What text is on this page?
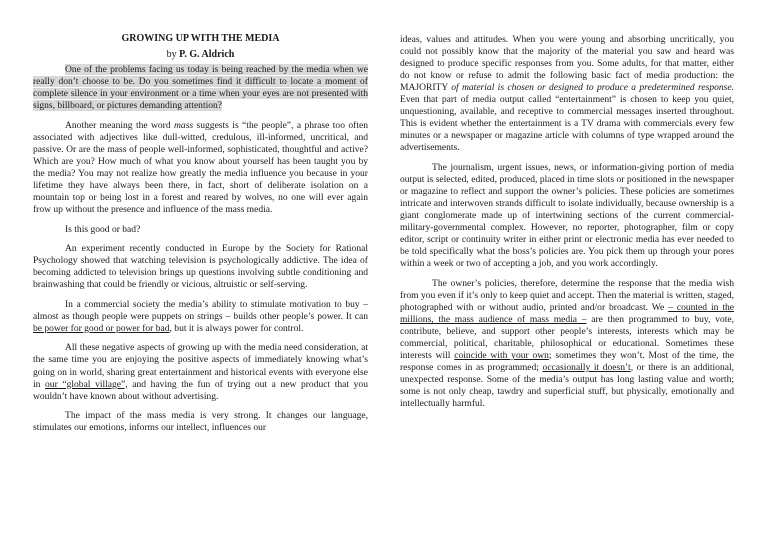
GROWING UP WITH THE MEDIA
by P. G. Aldrich

One of the problems facing us today is being reached by the media when we really don’t choose to be. Do you sometimes find it difficult to locate a moment of complete silence in your environment or a time when your eyes are not presented with signs, billboard, or pictures demanding attention?

Another meaning the word mass suggests is “the people”, a phrase too often associated with adjectives like dull-witted, credulous, ill-informed, uncritical, and passive. Or are the mass of people well-informed, sophisticated, thoughtful and active? Which are you? How much of what you know about yourself has been taught you by the media? You may not realize how greatly the media influence you because in your lifetime they have always been there, in fact, short of deliberate isolation on a mountain top or being lost in a forest and reared by wolves, no one will ever again frow up without the presence and influence of the mass media.

Is this good or bad?

An experiment recently conducted in Europe by the Society for Rational Psychology showed that watching television is psychologically addictive. The idea of becoming addicted to television brings up questions involving subtle conditioning and brainwashing that could be friendly or vicious, altruistic or self-serving.

In a commercial society the media’s ability to stimulate motivation to buy – almost as though people were puppets on strings – builds other people’s power. It can be power for good or power for bad, but it is always power for control.

All these negative aspects of growing up with the media need consideration, at the same time you are enjoying the positive aspects of immediately knowing what’s going on in world, sharing great entertainment and historical events with everyone else in our “global village”, and having the fun of trying out a new product that you wouldn’t have known about without advertising.

The impact of the mass media is very strong. It changes our language, stimulates our emotions, informs our intellect, influences our

ideas, values and attitudes. When you were young and absorbing uncritically, you could not possibly know that the majority of the material you saw and heard was designed to produce specific responses from you. Some adults, for that matter, either do not know or refuse to admit the following basic fact of media production: the MAJORITY of material is chosen or designed to produce a predetermined response. Even that part of media output called “entertainment” is chosen to keep you quiet, unquestioning, available, and receptive to commercial messages inserted throughout. This is evident whether the entertainment is a TV drama with commercials every few minutes or a newspaper or magazine article with columns of type wrapped around the advertisements.

The journalism, urgent issues, news, or information-giving portion of media output is selected, edited, produced, placed in time slots or positioned in the newspaper or magazine to reflect and support the owner’s policies. These policies are sometimes intricate and interwoven strands difficult to isolate individually, because ownership is a giant conglomerate made up of intertwining sections of the current commercial-military-governmental complex. However, no reporter, photographer, film or copy editor, script or continuity writer in either print or electronic media has ever needed to be told specifically what the boss’s policies are. You pick them up through your pores within a week or two of accepting a job, and you work accordingly.

The owner’s policies, therefore, determine the response that the media wish from you even if it’s only to keep quiet and accept. Then the material is written, staged, photographed with or without audio, printed and/or broadcast. We – counted in the millions, the mass audience of mass media – are then programmed to buy, vote, contribute, believe, and support other people’s interests, interests which may be commercial, political, charitable, philosophical or educational. Sometimes these interests will coincide with your own; sometimes they won’t. Most of the time, the response comes in as programmed; occasionally it doesn’t, or there is an additional, unexpected response. Some of the media’s output has long lasting value and worth; some is not only cheap, tawdry and superficial stuff, but physically, emotionally and intellectually harmful.
